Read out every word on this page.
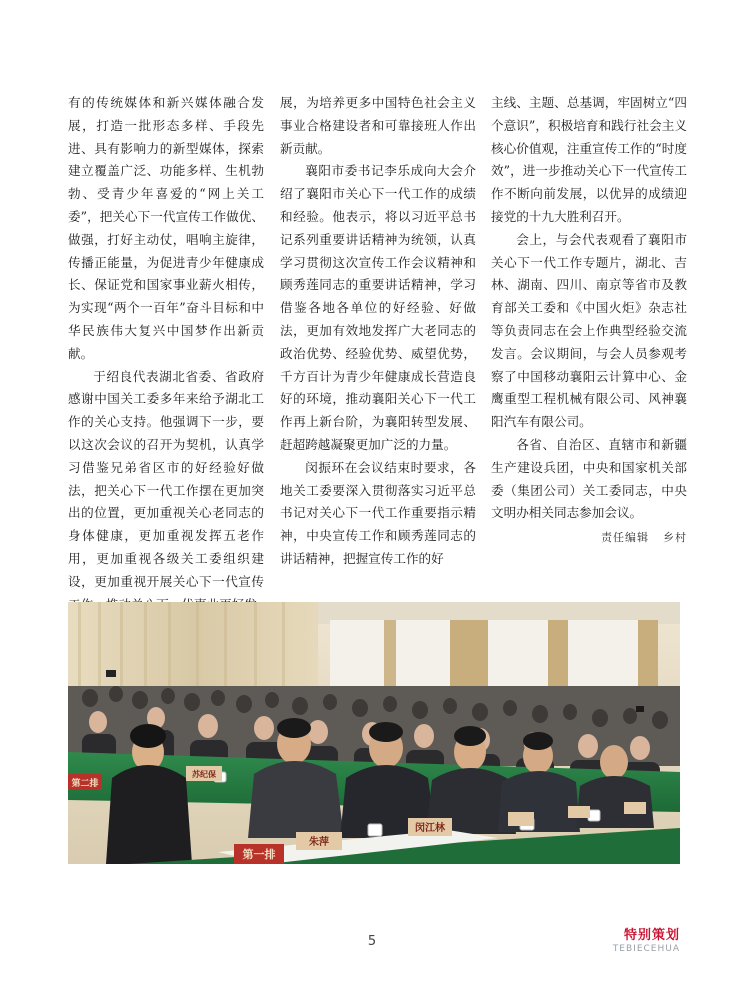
有的传统媒体和新兴媒体融合发展，打造一批形态多样、手段先进、具有影响力的新型媒体，探索建立覆盖广泛、功能多样、生机勃勃、受青少年喜爱的“网上关工委”，把关心下一代宣传工作做优、做强，打好主动仗，唱响主旋律，传播正能量，为促进青少年健康成长、保证党和国家事业薪火相传，为实现“两个一百年”奋斗目标和中华民族伟大复兴中国梦作出新贡献。

于绍良代表湖北省委、省政府感谢中国关工委多年来给予湖北工作的关心支持。他强调下一步，要以这次会议的召开为契机，认真学习借鉴兄弟省区市的好经验好做法，把关心下一代工作摆在更加突出的位置，更加重视关心老同志的身体健康，更加重视发挥五老作用，更加重视各级关工委组织建设，更加重视开展关心下一代宣传

展，为培养更多中国特色社会主义事业合格建设者和可靠接班人作出新贡献。

襄阳市委书记李乐成向大会介绍了襄阳市关心下一代工作的成绩和经验。他表示，将以习近平总书记系列重要讲话精神为统领，认真学习贯彻这次宣传工作会议精神和顾秀莲同志的重要讲话精神，学习借鉴各地各单位的好经验、好做法，更加有效地发挥广大老同志的政治优势、经验优势、威望优势，千方百计为青少年健康成长营造良好的环境，推动襄阳关心下一代工作再上新台阶，为襄阳转型发展、赶超跨越凝聚更加广泛的力量。

闵振环在会议结束时要求，各地关工委要深入贯彻落实习近平总书记对关心下一代工作重要指示精神，中央宣传工作和顾秀莲同志的讲话精神，把握宣传工作的好

主线、主题、总基调，牢固树立“四个意识”，积极培育和践行社会主义核心价值观，注重宣传工作的“时度效”，进一步推动关心下一代宣传工作不断向前发展，以优异的成绩迎接党的十九大胜利召开。

会上，与会代表观看了襄阳市关心下一代工作专题片，湖北、吉林、湖南、四川、南京等省市及教育部关工委和《中国火炬》杂志社等负责同志在会上作典型经验交流发言。会议期间，与会人员参观考察了中国移动襄阳云计算中心、金鹰重型工程机械有限公司、风神襄阳汽车有限公司。

各省、自治区、直辖市和新疆生产建设兵团，中央和国家机关部委（集团公司）关工委同志，中央文明办相关同志参加会议。

责任编辑 乡村
第一排
朱萍
闵江林
第二排
苏纪保
5	特别策划
TEBIECEHUA
